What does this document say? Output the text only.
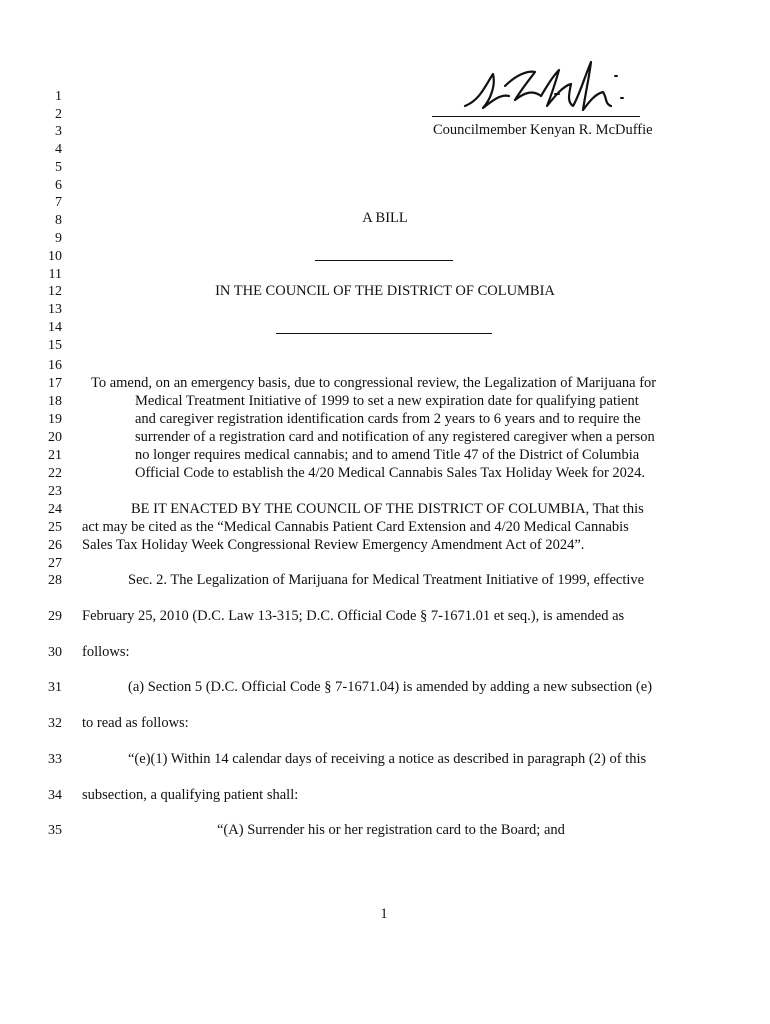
1
2
3
4
5
6
7
8
9
10
11
12
13
14
15
16
17
18
19
20
21
22
23
24
25
26
27
28
29
30
31
32
33
34
35
Councilmember Kenyan R. McDuffie
A BILL
IN THE COUNCIL OF THE DISTRICT OF COLUMBIA
To amend, on an emergency basis, due to congressional review, the Legalization of Marijuana for
Medical Treatment Initiative of 1999 to set a new expiration date for qualifying patient
and caregiver registration identification cards from 2 years to 6 years and to require the
surrender of a registration card and notification of any registered caregiver when a person
no longer requires medical cannabis; and to amend Title 47 of the District of Columbia
Official Code to establish the 4/20 Medical Cannabis Sales Tax Holiday Week for 2024.
BE IT ENACTED BY THE COUNCIL OF THE DISTRICT OF COLUMBIA, That this
act may be cited as the “Medical Cannabis Patient Card Extension and 4/20 Medical Cannabis
Sales Tax Holiday Week Congressional Review Emergency Amendment Act of 2024”.
Sec. 2. The Legalization of Marijuana for Medical Treatment Initiative of 1999, effective
February 25, 2010 (D.C. Law 13-315; D.C. Official Code § 7-1671.01 et seq.), is amended as
follows:
(a) Section 5 (D.C. Official Code § 7-1671.04) is amended by adding a new subsection (e)
to read as follows:
“(e)(1) Within 14 calendar days of receiving a notice as described in paragraph (2) of this
subsection, a qualifying patient shall:
“(A) Surrender his or her registration card to the Board; and
1
